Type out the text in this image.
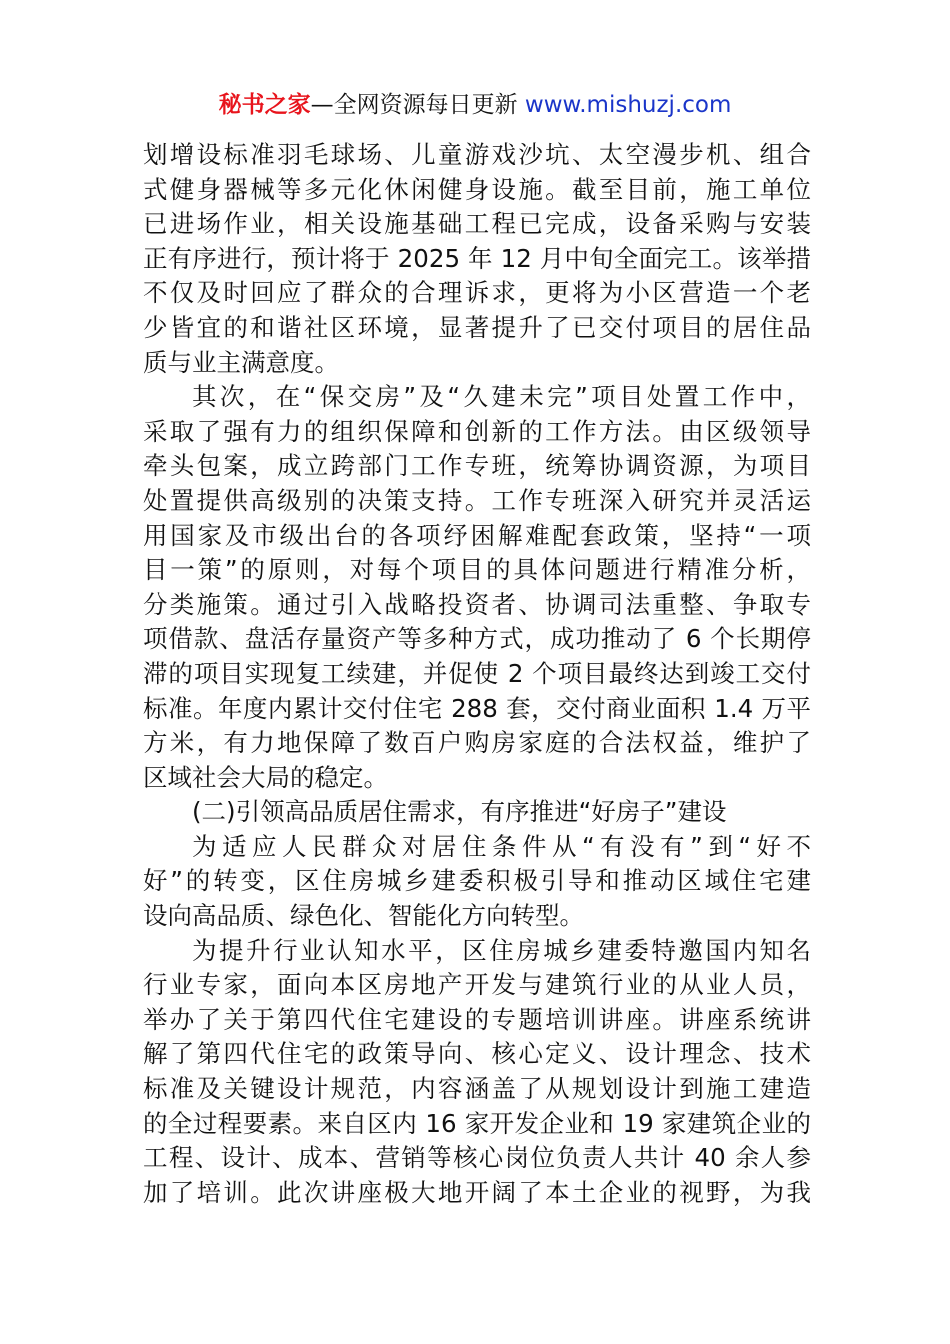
秘书之家—全网资源每日更新 www.mishuzj.com
划增设标准羽毛球场、儿童游戏沙坑、太空漫步机、组合
式健身器械等多元化休闲健身设施。截至目前，施工单位
已进场作业，相关设施基础工程已完成，设备采购与安装
正有序进行，预计将于 2025 年 12 月中旬全面完工。该举措
不仅及时回应了群众的合理诉求，更将为小区营造一个老
少皆宜的和谐社区环境，显著提升了已交付项目的居住品
质与业主满意度。
其次，在“保交房”及“久建未完”项目处置工作中，
采取了强有力的组织保障和创新的工作方法。由区级领导
牵头包案，成立跨部门工作专班，统筹协调资源，为项目
处置提供高级别的决策支持。工作专班深入研究并灵活运
用国家及市级出台的各项纾困解难配套政策，坚持“一项
目一策”的原则，对每个项目的具体问题进行精准分析，
分类施策。通过引入战略投资者、协调司法重整、争取专
项借款、盘活存量资产等多种方式，成功推动了 6 个长期停
滞的项目实现复工续建，并促使 2 个项目最终达到竣工交付
标准。年度内累计交付住宅 288 套，交付商业面积 1.4 万平
方米，有力地保障了数百户购房家庭的合法权益，维护了
区域社会大局的稳定。
(二)引领高品质居住需求，有序推进“好房子”建设
为适应人民群众对居住条件从“有没有”到“好不
好”的转变，区住房城乡建委积极引导和推动区域住宅建
设向高品质、绿色化、智能化方向转型。
为提升行业认知水平，区住房城乡建委特邀国内知名
行业专家，面向本区房地产开发与建筑行业的从业人员，
举办了关于第四代住宅建设的专题培训讲座。讲座系统讲
解了第四代住宅的政策导向、核心定义、设计理念、技术
标准及关键设计规范，内容涵盖了从规划设计到施工建造
的全过程要素。来自区内 16 家开发企业和 19 家建筑企业的
工程、设计、成本、营销等核心岗位负责人共计 40 余人参
加了培训。此次讲座极大地开阔了本土企业的视野，为我
